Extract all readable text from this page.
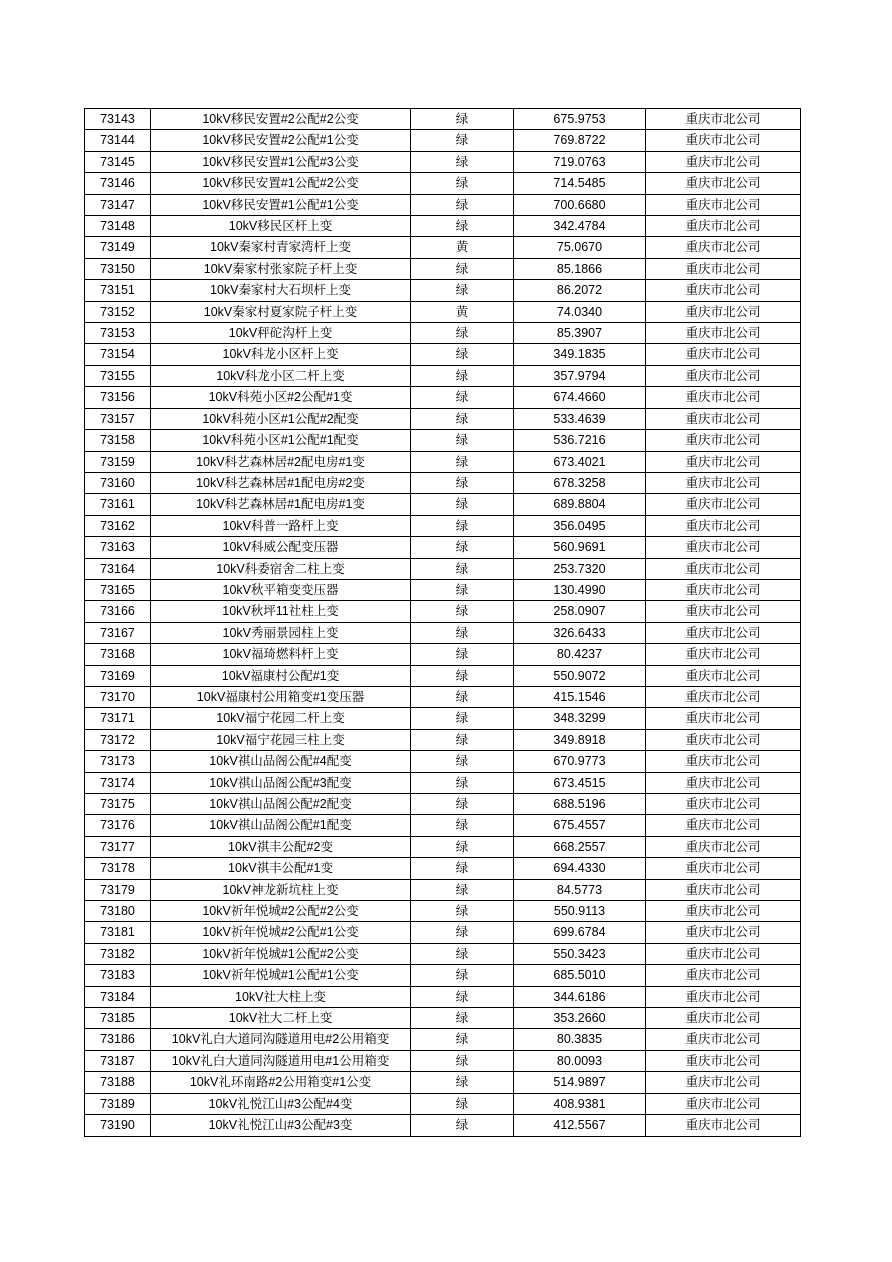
73143	10kV移民安置#2公配#2公变	绿	675.9753	重庆市北公司
73144	10kV移民安置#2公配#1公变	绿	769.8722	重庆市北公司
73145	10kV移民安置#1公配#3公变	绿	719.0763	重庆市北公司
73146	10kV移民安置#1公配#2公变	绿	714.5485	重庆市北公司
73147	10kV移民安置#1公配#1公变	绿	700.6680	重庆市北公司
73148	10kV移民区杆上变	绿	342.4784	重庆市北公司
73149	10kV秦家村青家湾杆上变	黄	75.0670	重庆市北公司
73150	10kV秦家村张家院子杆上变	绿	85.1866	重庆市北公司
73151	10kV秦家村大石坝杆上变	绿	86.2072	重庆市北公司
73152	10kV秦家村夏家院子杆上变	黄	74.0340	重庆市北公司
73153	10kV秤砣沟杆上变	绿	85.3907	重庆市北公司
73154	10kV科龙小区杆上变	绿	349.1835	重庆市北公司
73155	10kV科龙小区二杆上变	绿	357.9794	重庆市北公司
73156	10kV科苑小区#2公配#1变	绿	674.4660	重庆市北公司
73157	10kV科苑小区#1公配#2配变	绿	533.4639	重庆市北公司
73158	10kV科苑小区#1公配#1配变	绿	536.7216	重庆市北公司
73159	10kV科艺森林居#2配电房#1变	绿	673.4021	重庆市北公司
73160	10kV科艺森林居#1配电房#2变	绿	678.3258	重庆市北公司
73161	10kV科艺森林居#1配电房#1变	绿	689.8804	重庆市北公司
73162	10kV科普一路杆上变	绿	356.0495	重庆市北公司
73163	10kV科威公配变压器	绿	560.9691	重庆市北公司
73164	10kV科委宿舍二柱上变	绿	253.7320	重庆市北公司
73165	10kV秋平箱变变压器	绿	130.4990	重庆市北公司
73166	10kV秋坪11社柱上变	绿	258.0907	重庆市北公司
73167	10kV秀丽景园柱上变	绿	326.6433	重庆市北公司
73168	10kV福琦燃料杆上变	绿	80.4237	重庆市北公司
73169	10kV福康村公配#1变	绿	550.9072	重庆市北公司
73170	10kV福康村公用箱变#1变压器	绿	415.1546	重庆市北公司
73171	10kV福宁花园二杆上变	绿	348.3299	重庆市北公司
73172	10kV福宁花园三柱上变	绿	349.8918	重庆市北公司
73173	10kV祺山品阁公配#4配变	绿	670.9773	重庆市北公司
73174	10kV祺山品阁公配#3配变	绿	673.4515	重庆市北公司
73175	10kV祺山品阁公配#2配变	绿	688.5196	重庆市北公司
73176	10kV祺山品阁公配#1配变	绿	675.4557	重庆市北公司
73177	10kV祺丰公配#2变	绿	668.2557	重庆市北公司
73178	10kV祺丰公配#1变	绿	694.4330	重庆市北公司
73179	10kV神龙新坑柱上变	绿	84.5773	重庆市北公司
73180	10kV祈年悦城#2公配#2公变	绿	550.9113	重庆市北公司
73181	10kV祈年悦城#2公配#1公变	绿	699.6784	重庆市北公司
73182	10kV祈年悦城#1公配#2公变	绿	550.3423	重庆市北公司
73183	10kV祈年悦城#1公配#1公变	绿	685.5010	重庆市北公司
73184	10kV社大柱上变	绿	344.6186	重庆市北公司
73185	10kV社大二杆上变	绿	353.2660	重庆市北公司
73186	10kV礼白大道同沟隧道用电#2公用箱变	绿	80.3835	重庆市北公司
73187	10kV礼白大道同沟隧道用电#1公用箱变	绿	80.0093	重庆市北公司
73188	10kV礼环南路#2公用箱变#1公变	绿	514.9897	重庆市北公司
73189	10kV礼悦江山#3公配#4变	绿	408.9381	重庆市北公司
73190	10kV礼悦江山#3公配#3变	绿	412.5567	重庆市北公司
